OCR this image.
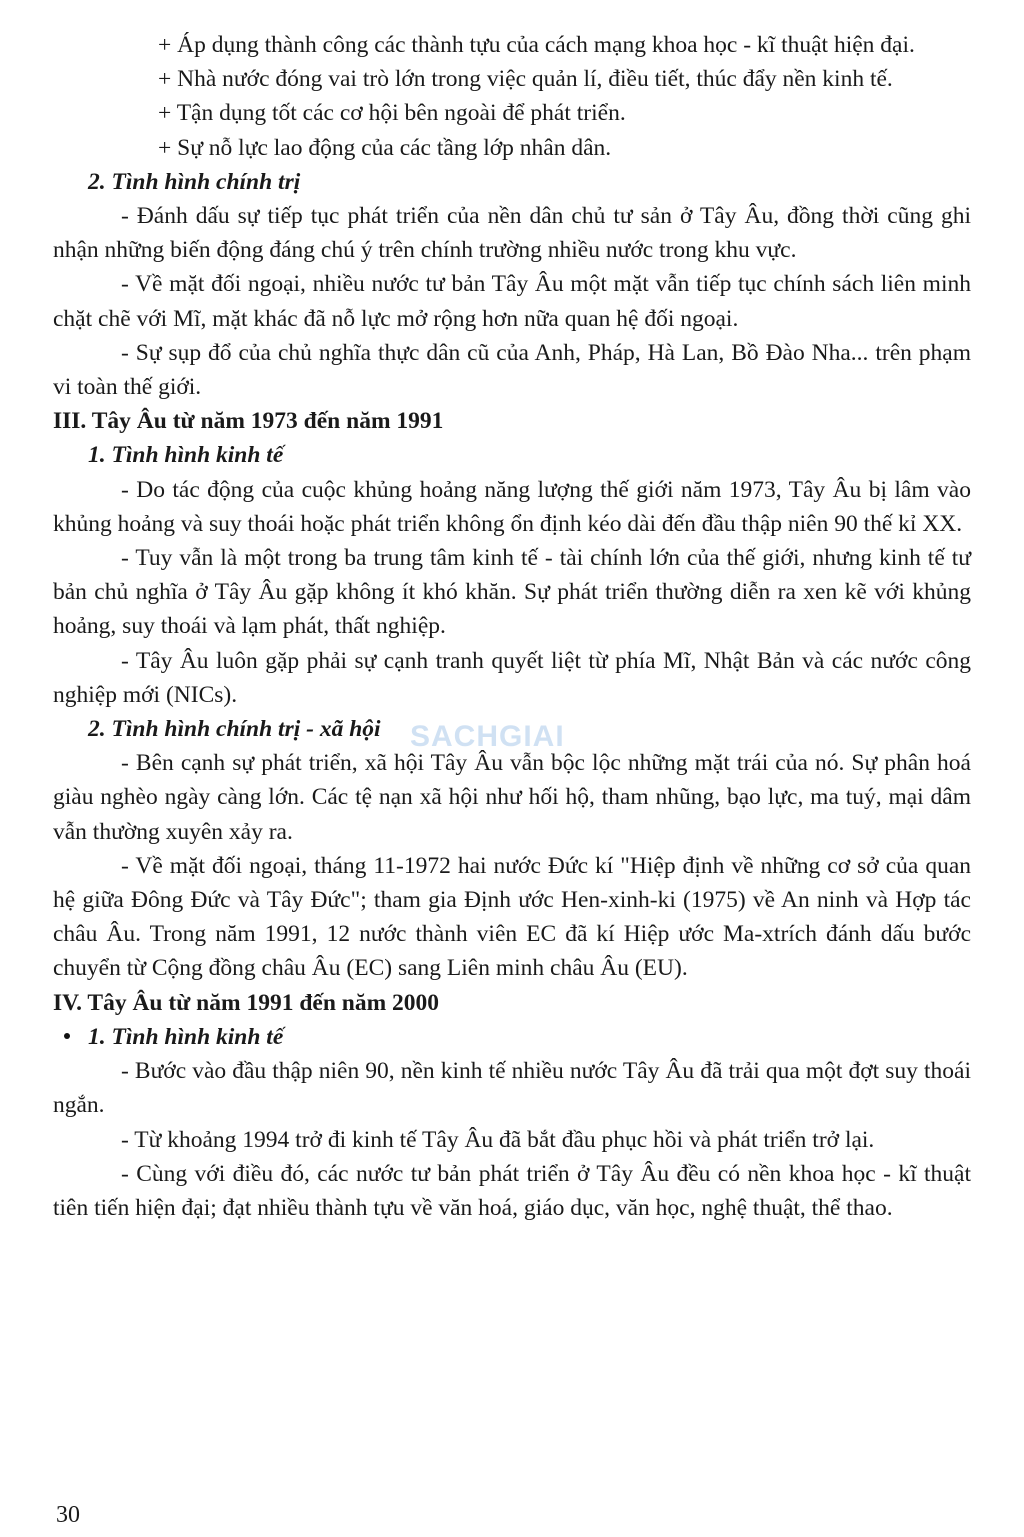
+ Áp dụng thành công các thành tựu của cách mạng khoa học - kĩ thuật hiện đại.

+ Nhà nước đóng vai trò lớn trong việc quản lí, điều tiết, thúc đẩy nền kinh tế.

+ Tận dụng tốt các cơ hội bên ngoài để phát triển.

+ Sự nỗ lực lao động của các tầng lớp nhân dân.

2. Tình hình chính trị

- Đánh dấu sự tiếp tục phát triển của nền dân chủ tư sản ở Tây Âu, đồng thời cũng ghi nhận những biến động đáng chú ý trên chính trường nhiều nước trong khu vực.

- Về mặt đối ngoại, nhiều nước tư bản Tây Âu một mặt vẫn tiếp tục chính sách liên minh chặt chẽ với Mĩ, mặt khác đã nỗ lực mở rộng hơn nữa quan hệ đối ngoại.

- Sự sụp đổ của chủ nghĩa thực dân cũ của Anh, Pháp, Hà Lan, Bồ Đào Nha... trên phạm vi toàn thế giới.

III. Tây Âu từ năm 1973 đến năm 1991

1. Tình hình kinh tế

- Do tác động của cuộc khủng hoảng năng lượng thế giới năm 1973, Tây Âu bị lâm vào khủng hoảng và suy thoái hoặc phát triển không ổn định kéo dài đến đầu thập niên 90 thế kỉ XX.

- Tuy vẫn là một trong ba trung tâm kinh tế - tài chính lớn của thế giới, nhưng kinh tế tư bản chủ nghĩa ở Tây Âu gặp không ít khó khăn. Sự phát triển thường diễn ra xen kẽ với khủng hoảng, suy thoái và lạm phát, thất nghiệp.

- Tây Âu luôn gặp phải sự cạnh tranh quyết liệt từ phía Mĩ, Nhật Bản và các nước công nghiệp mới (NICs).

2. Tình hình chính trị - xã hội

- Bên cạnh sự phát triển, xã hội Tây Âu vẫn bộc lộc những mặt trái của nó. Sự phân hoá giàu nghèo ngày càng lớn. Các tệ nạn xã hội như hối hộ, tham nhũng, bạo lực, ma tuý, mại dâm vẫn thường xuyên xảy ra.

- Về mặt đối ngoại, tháng 11-1972 hai nước Đức kí "Hiệp định về những cơ sở của quan hệ giữa Đông Đức và Tây Đức"; tham gia Định ước Hen-xinh-ki (1975) về An ninh và Hợp tác châu Âu. Trong năm 1991, 12 nước thành viên EC đã kí Hiệp ước Ma-xtrích đánh dấu bước chuyển từ Cộng đồng châu Âu (EC) sang Liên minh châu Âu (EU).

IV. Tây Âu từ năm 1991 đến năm 2000

1. Tình hình kinh tế

- Bước vào đầu thập niên 90, nền kinh tế nhiều nước Tây Âu đã trải qua một đợt suy thoái ngắn.

- Từ khoảng 1994 trở đi kinh tế Tây Âu đã bắt đầu phục hồi và phát triển trở lại.

- Cùng với điều đó, các nước tư bản phát triển ở Tây Âu đều có nền khoa học - kĩ thuật tiên tiến hiện đại; đạt nhiều thành tựu về văn hoá, giáo dục, văn học, nghệ thuật, thể thao.

SACHGIAI
30
